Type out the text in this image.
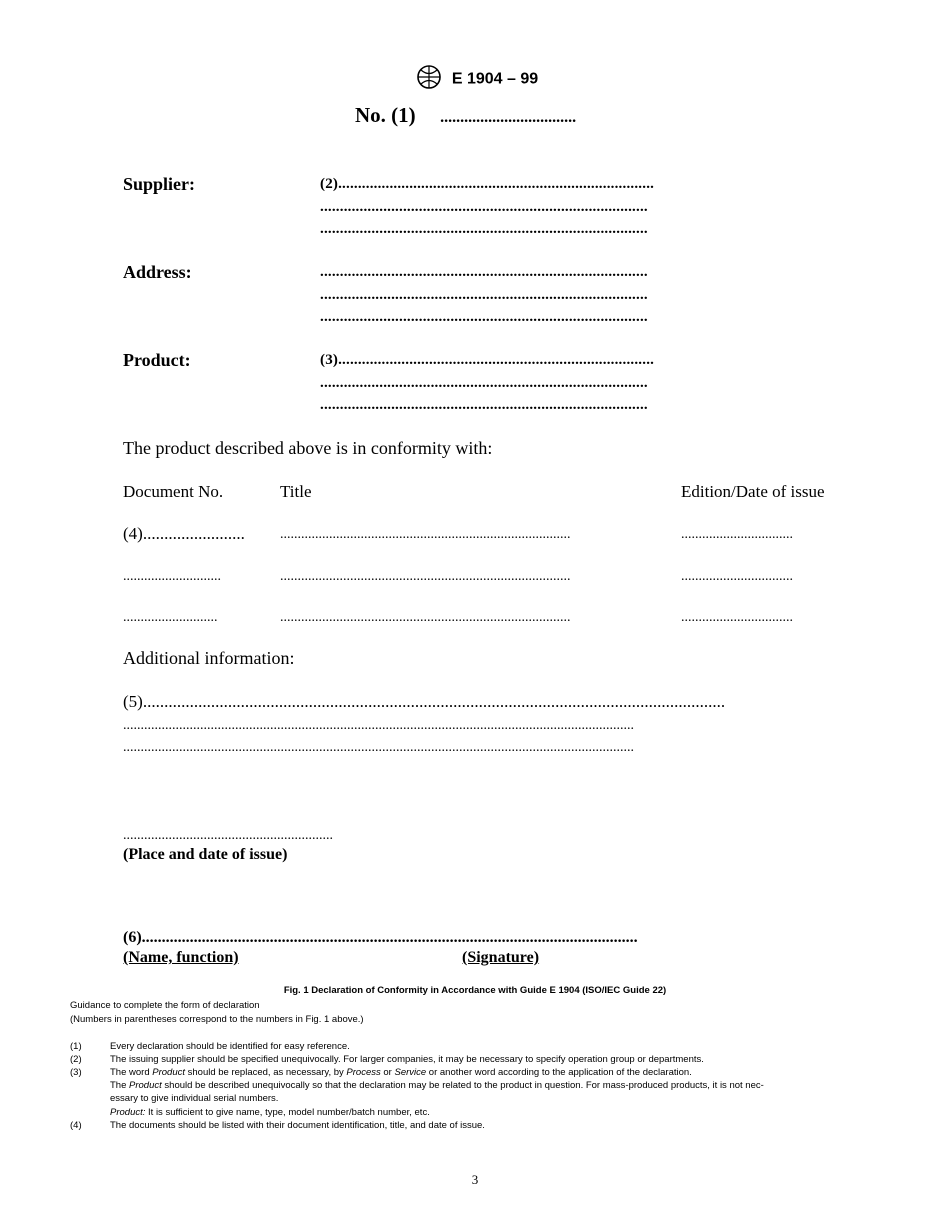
E 1904 – 99
No. (1) ..................................
Supplier:	(2)................................................................................
...................................................................................
...................................................................................
Address:	...................................................................................
...................................................................................
...................................................................................
Product:	(3)................................................................................
...................................................................................
...................................................................................
The product described above is in conformity with:
Document No.	Title	Edition/Date of issue
(4)........................	...................................................................................	................................
............................	...................................................................................	................................
...........................	...................................................................................	................................
Additional information:
(5).........................................................................................................................................
..................................................................................................................................................
..................................................................................................................................................
............................................................
(Place and date of issue)
(6)............................................................................................................................
(Name, function)	(Signature)
Fig. 1 Declaration of Conformity in Accordance with Guide E 1904 (ISO/IEC Guide 22)
Guidance to complete the form of declaration
(Numbers in parentheses correspond to the numbers in Fig. 1 above.)
(1)	Every declaration should be identified for easy reference.
(2)	The issuing supplier should be specified unequivocally. For larger companies, it may be necessary to specify operation group or departments.
(3)	The word Product should be replaced, as necessary, by Process or Service or another word according to the application of the declaration.
The Product should be described unequivocally so that the declaration may be related to the product in question. For mass-produced products, it is not nec-
essary to give individual serial numbers.
Product: It is sufficient to give name, type, model number/batch number, etc.
(4)	The documents should be listed with their document identification, title, and date of issue.
3
